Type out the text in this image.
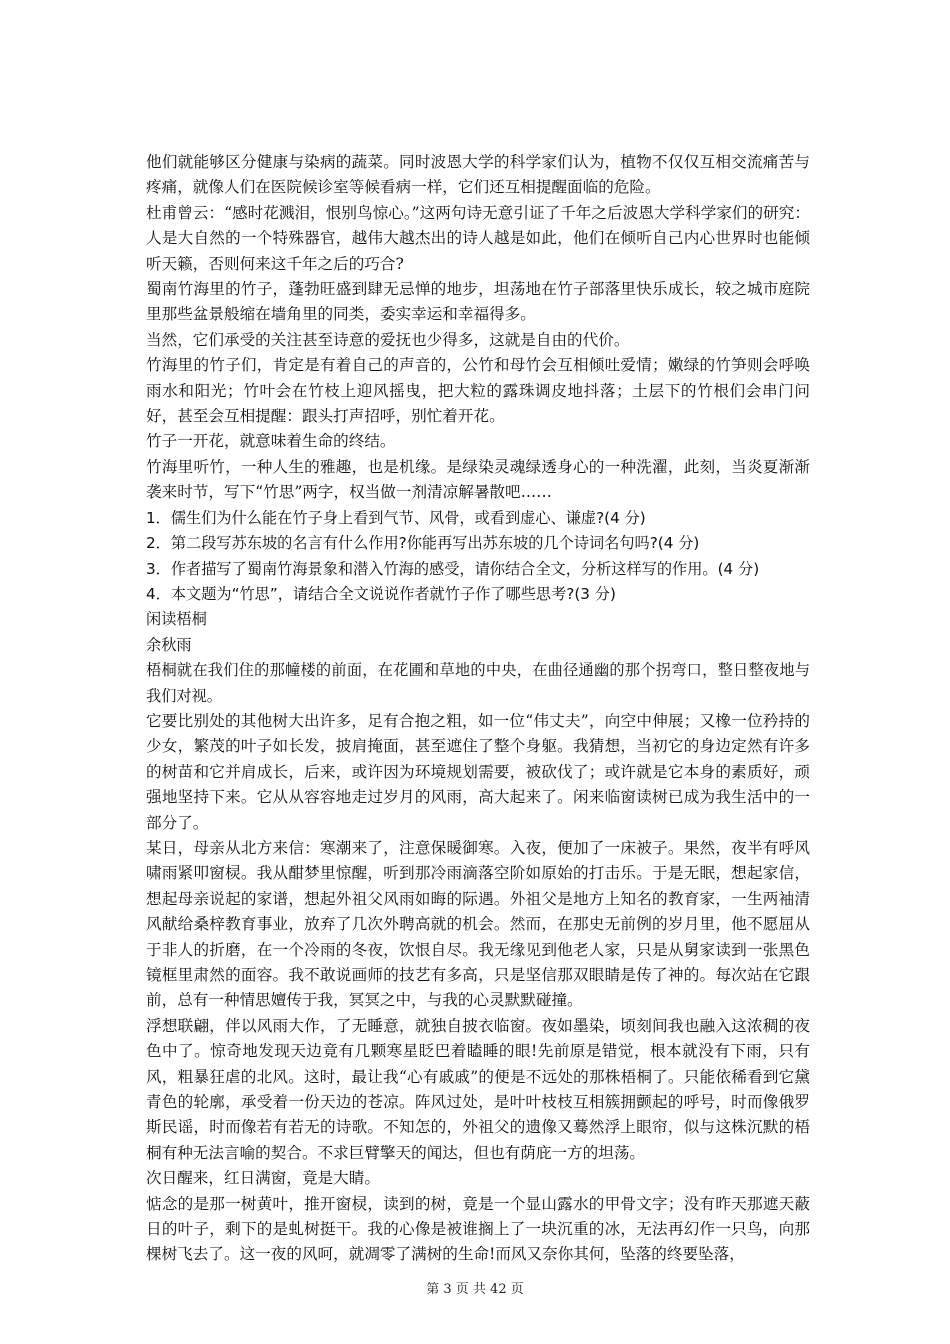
他们就能够区分健康与染病的蔬菜。同时波恩大学的科学家们认为，植物不仅仅互相交流痛苦与疼痛，就像人们在医院候诊室等候看病一样，它们还互相提醒面临的危险。

杜甫曾云：“感时花溅泪，恨别鸟惊心。”这两句诗无意引证了千年之后波恩大学科学家们的研究：人是大自然的一个特殊器官，越伟大越杰出的诗人越是如此，他们在倾听自己内心世界时也能倾听天籁，否则何来这千年之后的巧合?

蜀南竹海里的竹子，蓬勃旺盛到肆无忌惮的地步，坦荡地在竹子部落里快乐成长，较之城市庭院里那些盆景般缩在墙角里的同类，委实幸运和幸福得多。

当然，它们承受的关注甚至诗意的爱抚也少得多，这就是自由的代价。

竹海里的竹子们，肯定是有着自己的声音的，公竹和母竹会互相倾吐爱情；嫩绿的竹笋则会呼唤雨水和阳光；竹叶会在竹枝上迎风摇曳，把大粒的露珠调皮地抖落；土层下的竹根们会串门问好，甚至会互相提醒：跟头打声招呼，别忙着开花。

竹子一开花，就意味着生命的终结。

竹海里听竹，一种人生的雅趣，也是机缘。是绿染灵魂绿透身心的一种洗濯，此刻，当炎夏渐渐袭来时节，写下“竹思”两字，权当做一剂清凉解暑散吧……

1．儒生们为什么能在竹子身上看到气节、风骨，或看到虚心、谦虚?(4 分)

2．第二段写苏东坡的名言有什么作用?你能再写出苏东坡的几个诗词名句吗?(4 分)

3．作者描写了蜀南竹海景象和潜入竹海的感受，请你结合全文，分析这样写的作用。(4 分)

4．本文题为“竹思”，请结合全文说说作者就竹子作了哪些思考?(3 分)

闲读梧桐

余秋雨

梧桐就在我们住的那幢楼的前面，在花圃和草地的中央，在曲径通幽的那个拐弯口，整日整夜地与我们对视。

它要比别处的其他树大出许多，足有合抱之粗，如一位“伟丈夫”，向空中伸展；又橡一位矜持的少女，繁茂的叶子如长发，披肩掩面，甚至遮住了整个身躯。我猜想，当初它的身边定然有许多的树苗和它并肩成长，后来，或许因为环境规划需要，被砍伐了；或许就是它本身的素质好，顽强地坚持下来。它从从容容地走过岁月的风雨，高大起来了。闲来临窗读树已成为我生活中的一部分了。

某日，母亲从北方来信：寒潮来了，注意保暖御寒。入夜，便加了一床被子。果然，夜半有呼风啸雨紧叩窗棂。我从酣梦里惊醒，听到那冷雨滴落空阶如原始的打击乐。于是无眠，想起家信，想起母亲说起的家谱，想起外祖父风雨如晦的际遇。外祖父是地方上知名的教育家，一生两袖清风献给桑梓教育事业，放弃了几次外聘高就的机会。然而，在那史无前例的岁月里，他不愿屈从于非人的折磨，在一个冷雨的冬夜，饮恨自尽。我无缘见到他老人家，只是从舅家读到一张黑色镜框里肃然的面容。我不敢说画师的技艺有多高，只是坚信那双眼睛是传了神的。每次站在它跟前，总有一种情思嬗传于我，冥冥之中，与我的心灵默默碰撞。

浮想联翩，伴以风雨大作，了无睡意，就独自披衣临窗。夜如墨染，顷刻间我也融入这浓稠的夜色中了。惊奇地发现天边竟有几颗寒星眨巴着瞌睡的眼!先前原是错觉，根本就没有下雨，只有风，粗暴狂虐的北风。这时，最让我“心有戚戚”的便是不远处的那株梧桐了。只能依稀看到它黛青色的轮廓，承受着一份天边的苍凉。阵风过处，是叶叶枝枝互相簇拥颤起的呼号，时而像俄罗斯民谣，时而像若有若无的诗歌。不知怎的，外祖父的遗像又蓦然浮上眼帘，似与这株沉默的梧桐有种无法言喻的契合。不求巨臂擎天的闻达，但也有荫庇一方的坦荡。

次日醒来，红日满窗，竟是大睛。

惦念的是那一树黄叶，推开窗棂，读到的树，竟是一个显山露水的甲骨文字；没有昨天那遮天蔽日的叶子，剩下的是虬树挺干。我的心像是被谁搁上了一块沉重的冰，无法再幻作一只鸟，向那棵树飞去了。这一夜的风呵，就凋零了满树的生命!而风又奈你其何，坠落的终要坠落，

第 3 页 共 42 页
